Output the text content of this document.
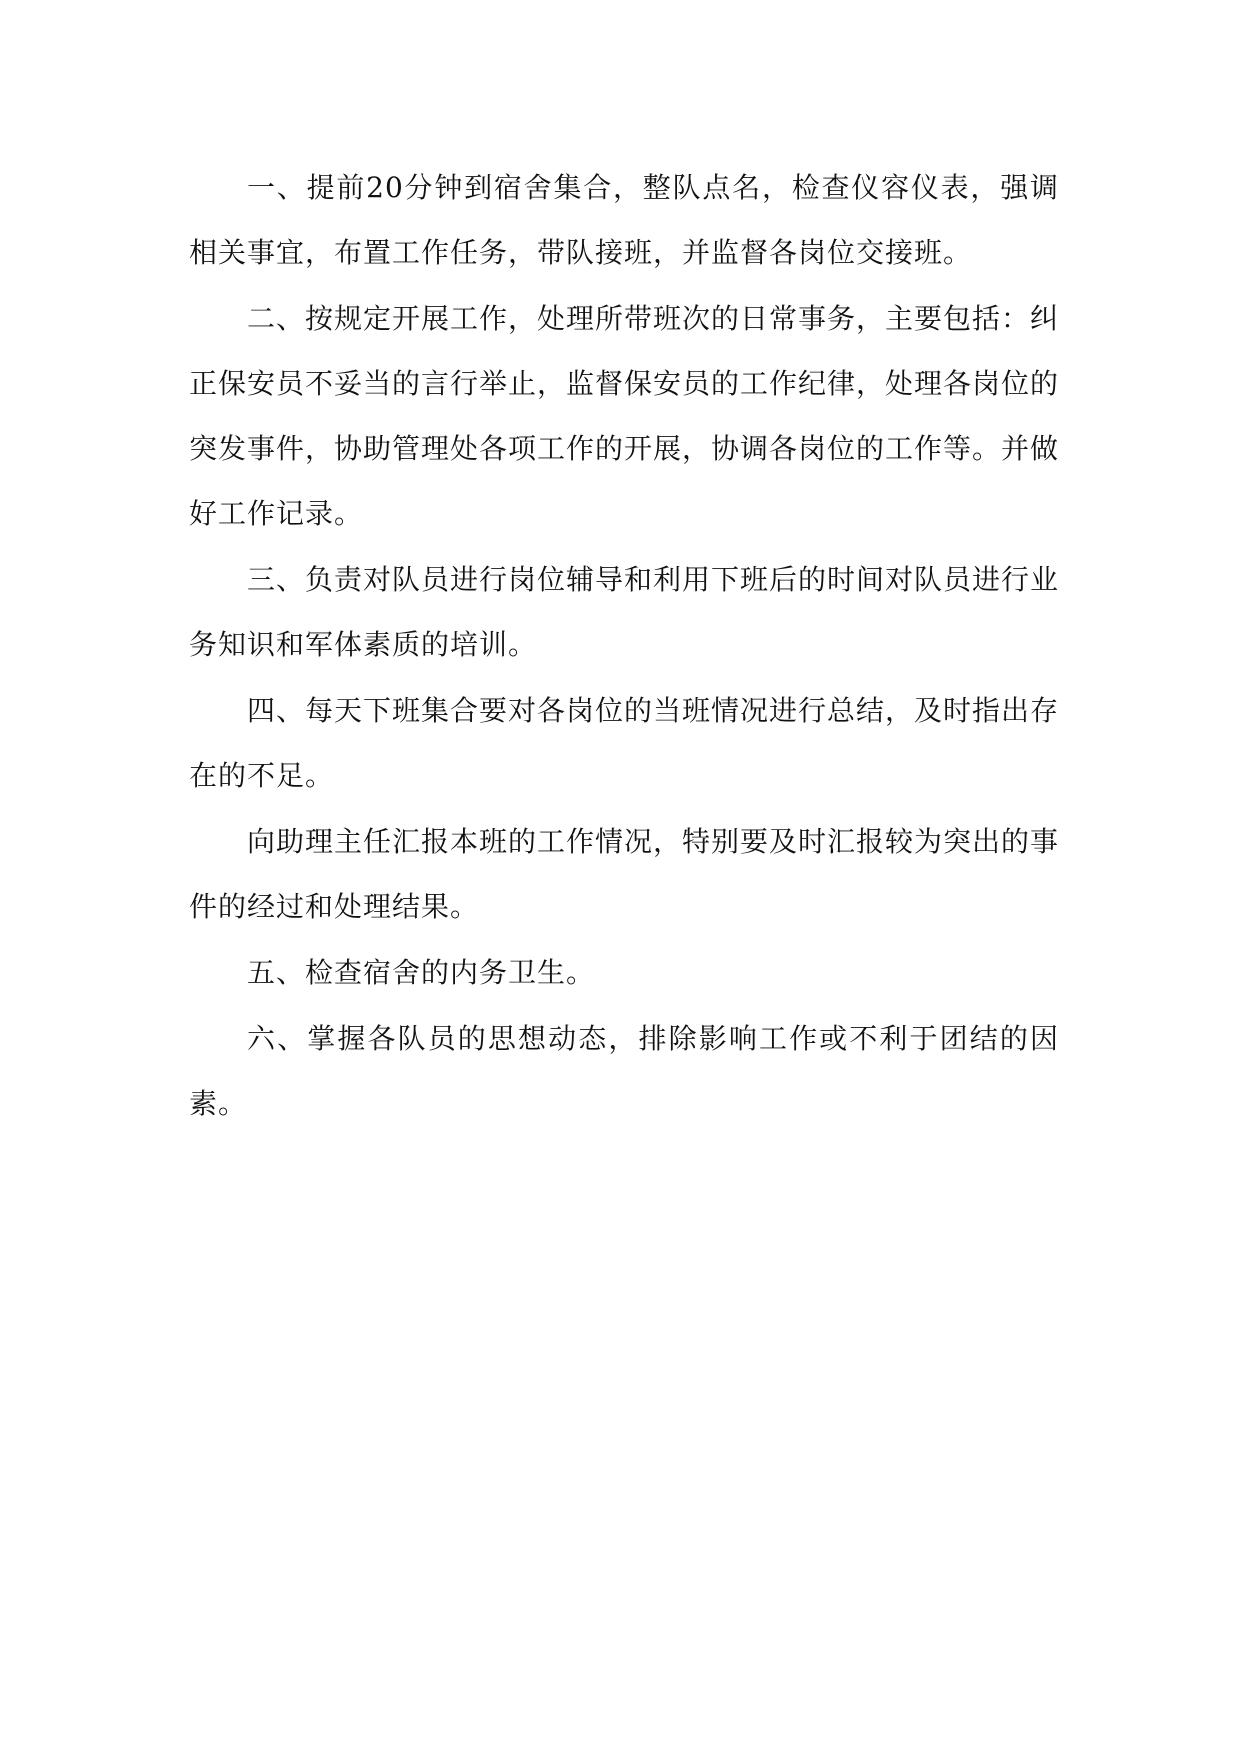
一、提前20分钟到宿舍集合，整队点名，检查仪容仪表，强调相关事宜，布置工作任务，带队接班，并监督各岗位交接班。

二、按规定开展工作，处理所带班次的日常事务，主要包括：纠正保安员不妥当的言行举止，监督保安员的工作纪律，处理各岗位的突发事件，协助管理处各项工作的开展，协调各岗位的工作等。并做好工作记录。

三、负责对队员进行岗位辅导和利用下班后的时间对队员进行业务知识和军体素质的培训。

四、每天下班集合要对各岗位的当班情况进行总结，及时指出存在的不足。

向助理主任汇报本班的工作情况，特别要及时汇报较为突出的事件的经过和处理结果。

五、检查宿舍的内务卫生。

六、掌握各队员的思想动态，排除影响工作或不利于团结的因素。
